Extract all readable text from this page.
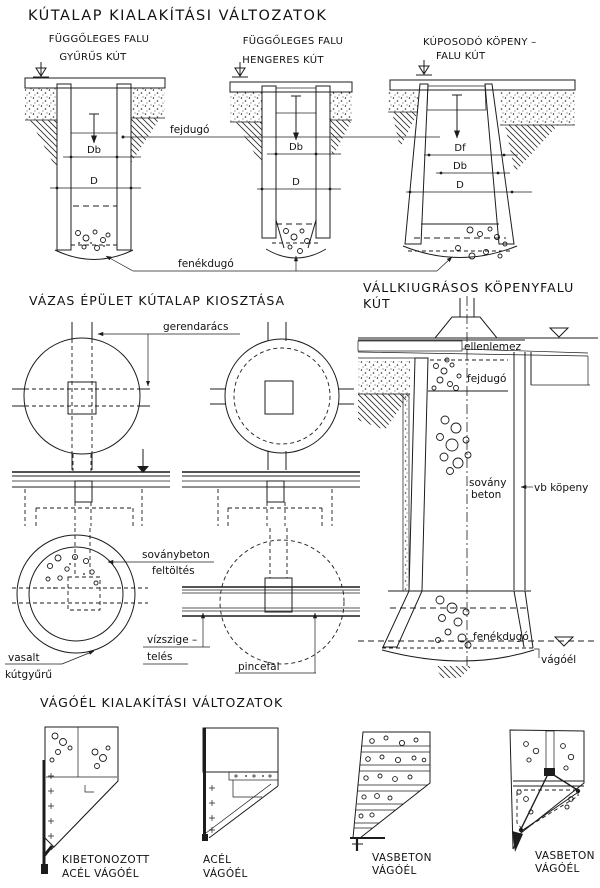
KÚTALAP KIALAKÍTÁSI VÁLTOZATOK
FÜGGŐLEGES FALU
GYŰRŰS KÚT
FÜGGŐLEGES FALU
HENGERES KÚT
KÚPOSODÓ KÖPENY –
FALU KÚT
Db
D
Db
D
Df
Db
D
fejdugó
fenékdugó
VÁZAS ÉPÜLET KÚTALAP KIOSZTÁSA
gerendarács
soványbeton
feltöltés
vízszige –
telés
vasalt
kútgyűrű
pincefal
VÁLLKIUGRÁSOS KÖPENYFALU
KÚT
ellenlemez
fejdugó
sovány
beton
vb köpeny
fenékdugó
vágóél
VÁGÓÉL KIALAKÍTÁSI VÁLTOZATOK
KIBETONOZOTT
ACÉL VÁGÓÉL
ACÉL
VÁGÓÉL
VASBETON
VÁGÓÉL
VASBETON
VÁGÓÉL
